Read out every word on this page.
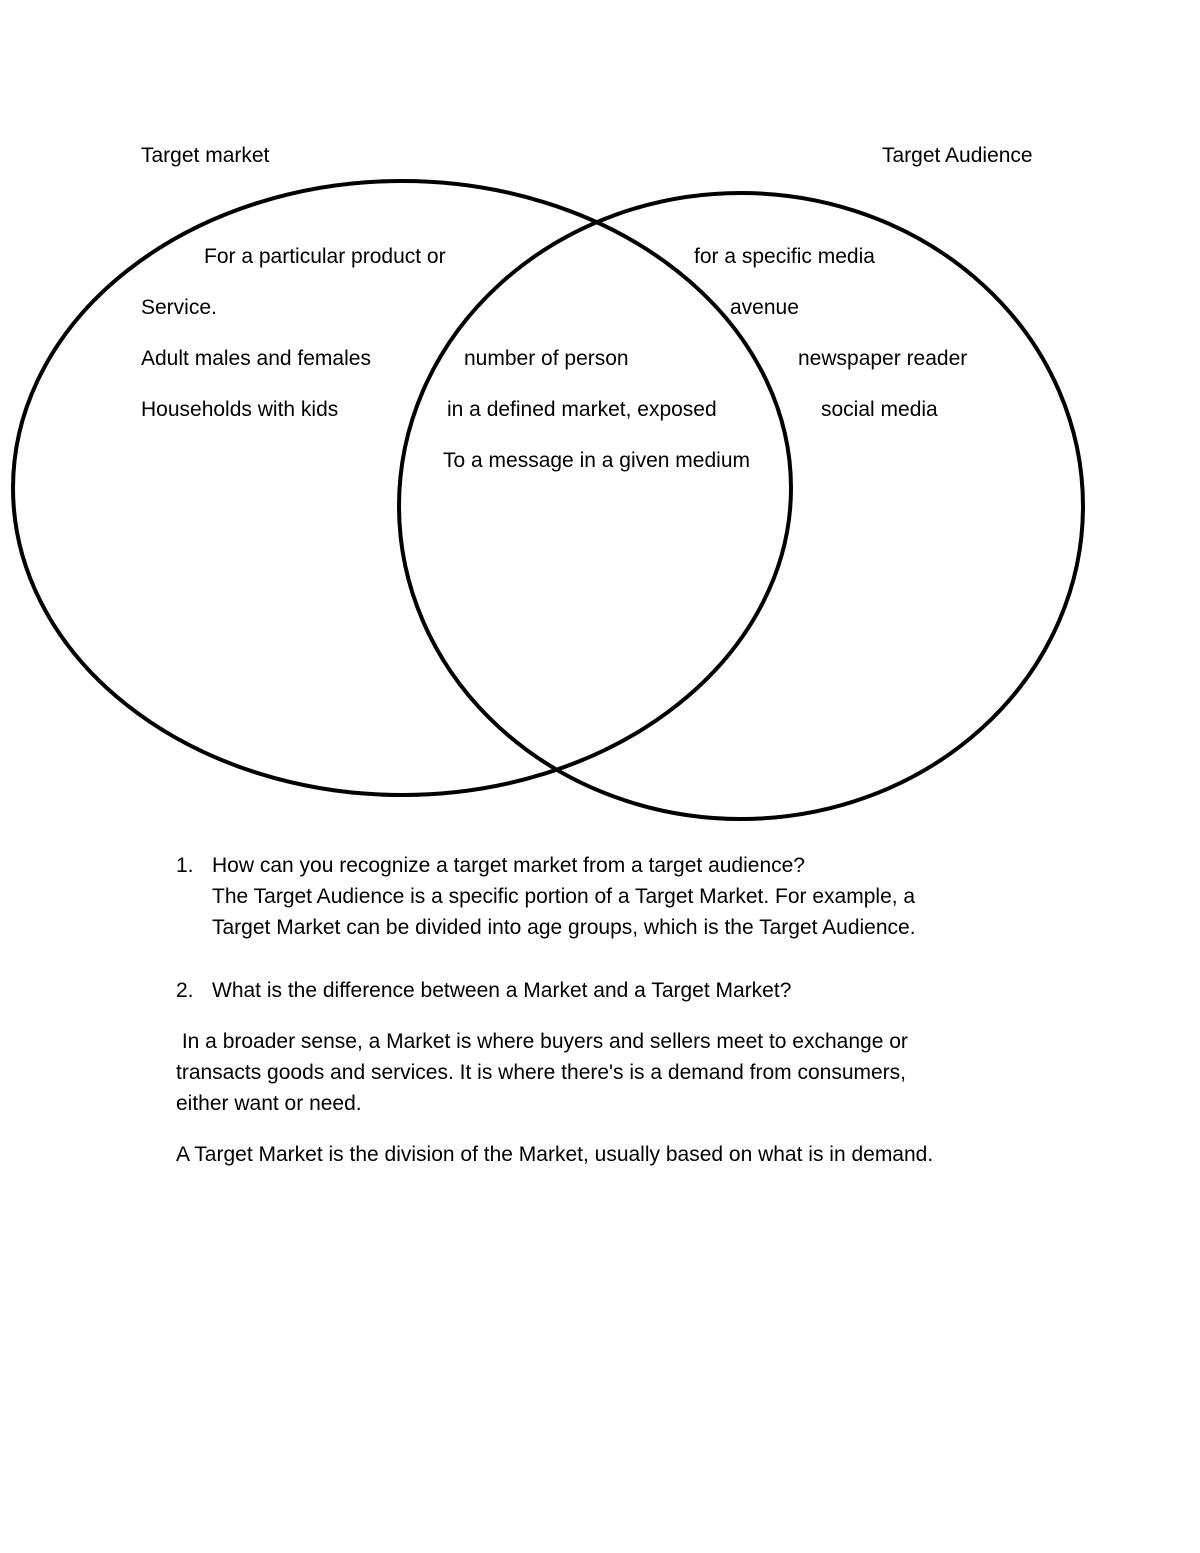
Target market	Target Audience
For a particular product or
Service.
Adult males and females
Households with kids
number of person
in a defined market, exposed
To a message in a given medium
for a specific media
avenue
newspaper reader
social media
1. How can you recognize a target market from a target audience?

The Target Audience is a specific portion of a Target Market. For example, a

Target Market can be divided into age groups, which is the Target Audience.

2. What is the difference between a Market and a Target Market?

In a broader sense, a Market is where buyers and sellers meet to exchange or

transacts goods and services. It is where there's is a demand from consumers,

either want or need.

A Target Market is the division of the Market, usually based on what is in demand.
